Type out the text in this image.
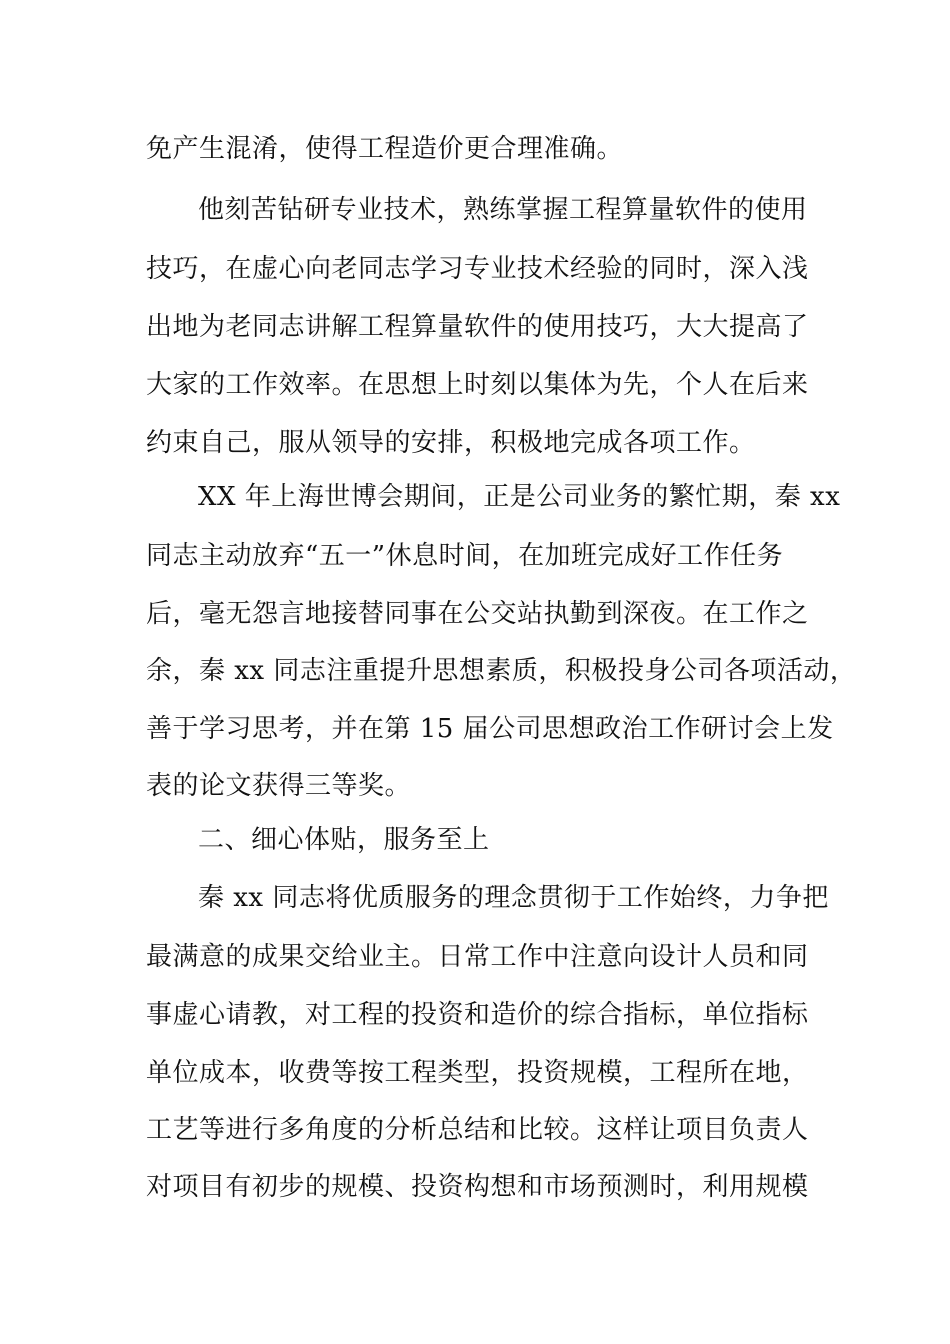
免产生混淆，使得工程造价更合理准确。

他刻苦钻研专业技术，熟练掌握工程算量软件的使用

技巧，在虚心向老同志学习专业技术经验的同时，深入浅

出地为老同志讲解工程算量软件的使用技巧，大大提高了

大家的工作效率。在思想上时刻以集体为先，个人在后来

约束自己，服从领导的安排，积极地完成各项工作。

XX 年上海世博会期间，正是公司业务的繁忙期，秦 xx

同志主动放弃“五一”休息时间，在加班完成好工作任务

后，毫无怨言地接替同事在公交站执勤到深夜。在工作之

余，秦 xx 同志注重提升思想素质，积极投身公司各项活动，

善于学习思考，并在第 15 届公司思想政治工作研讨会上发

表的论文获得三等奖。

二、细心体贴，服务至上

秦 xx 同志将优质服务的理念贯彻于工作始终，力争把

最满意的成果交给业主。日常工作中注意向设计人员和同

事虚心请教，对工程的投资和造价的综合指标，单位指标

单位成本，收费等按工程类型，投资规模，工程所在地，

工艺等进行多角度的分析总结和比较。这样让项目负责人

对项目有初步的规模、投资构想和市场预测时，利用规模
